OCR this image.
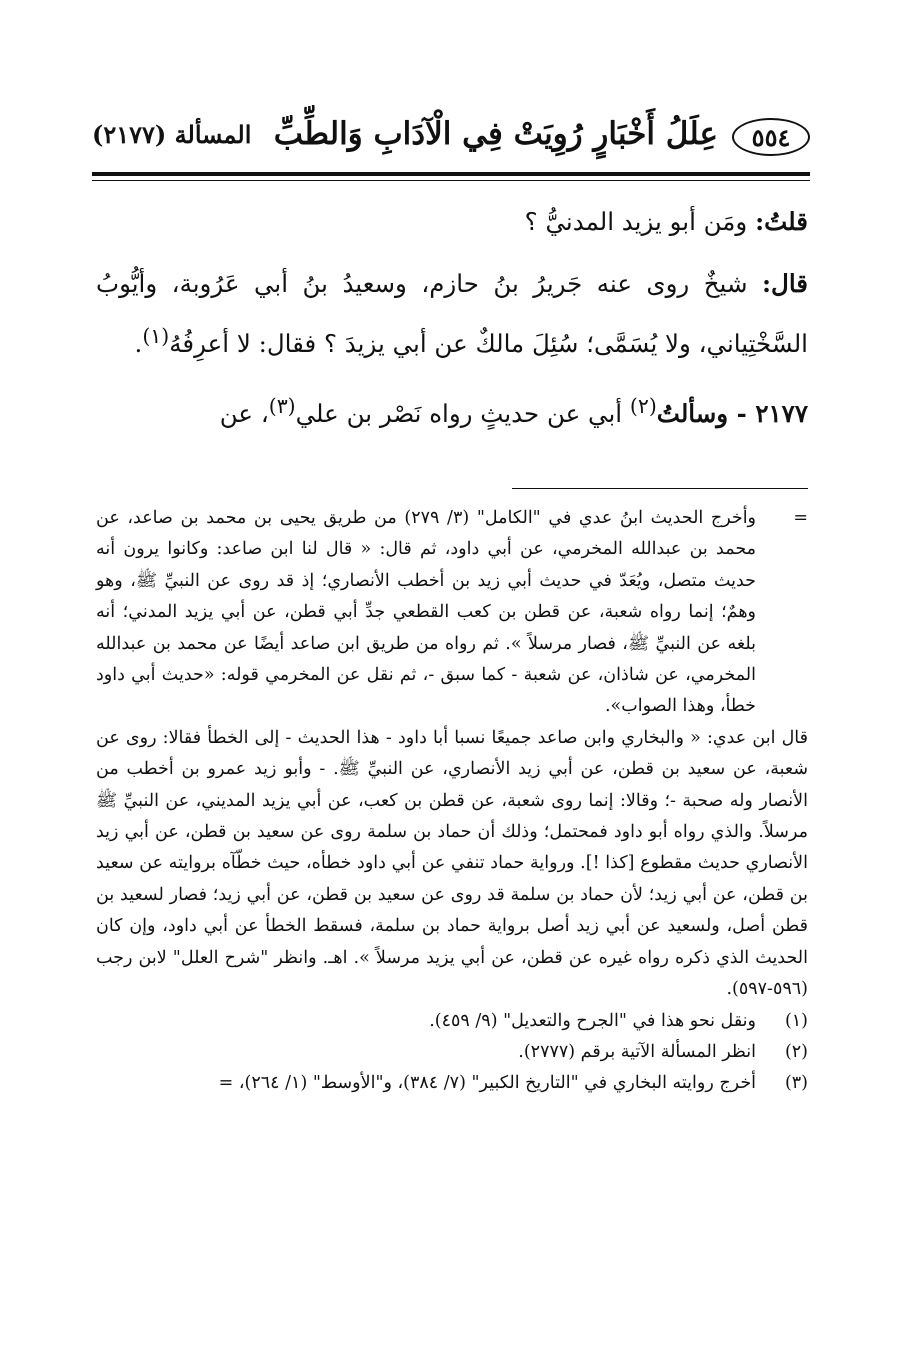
٥٥٤
عِلَلُ أَخْبَارٍ رُوِيَتْ فِي الْآدَابِ وَالطِّبِّ
المسألة (٢١٧٧)

قلتُ: ومَن أبو يزيد المدنيُّ ؟

قال: شيخٌ روى عنه جَريرُ بنُ حازم، وسعيدُ بنُ أبي عَرُوبة، وأيُّوبُ السَّخْتِياني، ولا يُسَمَّى؛ سُئِلَ مالكٌ عن أبي يزيدَ ؟ فقال: لا أعرِفُهُ$^{(١)}$.

٢١٧٧ - وسألتُ$^{(٢)}$ أبي عن حديثٍ رواه نَصْر بن علي$^{(٣)}$، عن

=

وأخرج الحديث ابنُ عدي في "الكامل" (٣/ ٢٧٩) من طريق يحيى بن محمد بن صاعد، عن محمد بن عبدالله المخرمي، عن أبي داود، ثم قال: « قال لنا ابن صاعد: وكانوا يرون أنه حديث متصل، ويُعَدّ في حديث أبي زيد بن أخطب الأنصاري؛ إذ قد روى عن النبيِّ ﷺ، وهو وهمٌ؛ إنما رواه شعبة، عن قطن بن كعب القطعي جدِّ أبي قطن، عن أبي يزيد المدني؛ أنه بلغه عن النبيِّ ﷺ، فصار مرسلاً ». ثم رواه من طريق ابن صاعد أيضًا عن محمد بن عبدالله المخرمي، عن شاذان، عن شعبة - كما سبق -، ثم نقل عن المخرمي قوله: «حديث أبي داود خطأ، وهذا الصواب».

قال ابن عدي: « والبخاري وابن صاعد جميعًا نسبا أبا داود - هذا الحديث - إلى الخطأ فقالا: روى عن شعبة، عن سعيد بن قطن، عن أبي زيد الأنصاري، عن النبيِّ ﷺ. - وأبو زيد عمرو بن أخطب من الأنصار وله صحبة -؛ وقالا: إنما روى شعبة، عن قطن بن كعب، عن أبي يزيد المديني، عن النبيِّ ﷺ مرسلاً. والذي رواه أبو داود فمحتمل؛ وذلك أن حماد بن سلمة روى عن سعيد بن قطن، عن أبي زيد الأنصاري حديث مقطوع [كذا !]. ورواية حماد تنفي عن أبي داود خطأه، حيث خطّآه بروايته عن سعيد بن قطن، عن أبي زيد؛ لأن حماد بن سلمة قد روى عن سعيد بن قطن، عن أبي زيد؛ فصار لسعيد بن قطن أصل، ولسعيد عن أبي زيد أصل برواية حماد بن سلمة، فسقط الخطأ عن أبي داود، وإن كان الحديث الذي ذكره رواه غيره عن قطن، عن أبي يزيد مرسلاً ». اهـ. وانظر "شرح العلل" لابن رجب (٥٩٦-٥٩٧).

(١)

ونقل نحو هذا في "الجرح والتعديل" (٩/ ٤٥٩).

(٢)

انظر المسألة الآتية برقم (٢٧٧٧).

(٣)

أخرج روايته البخاري في "التاريخ الكبير" (٧/ ٣٨٤)، و"الأوسط" (١/ ٢٦٤)، =
